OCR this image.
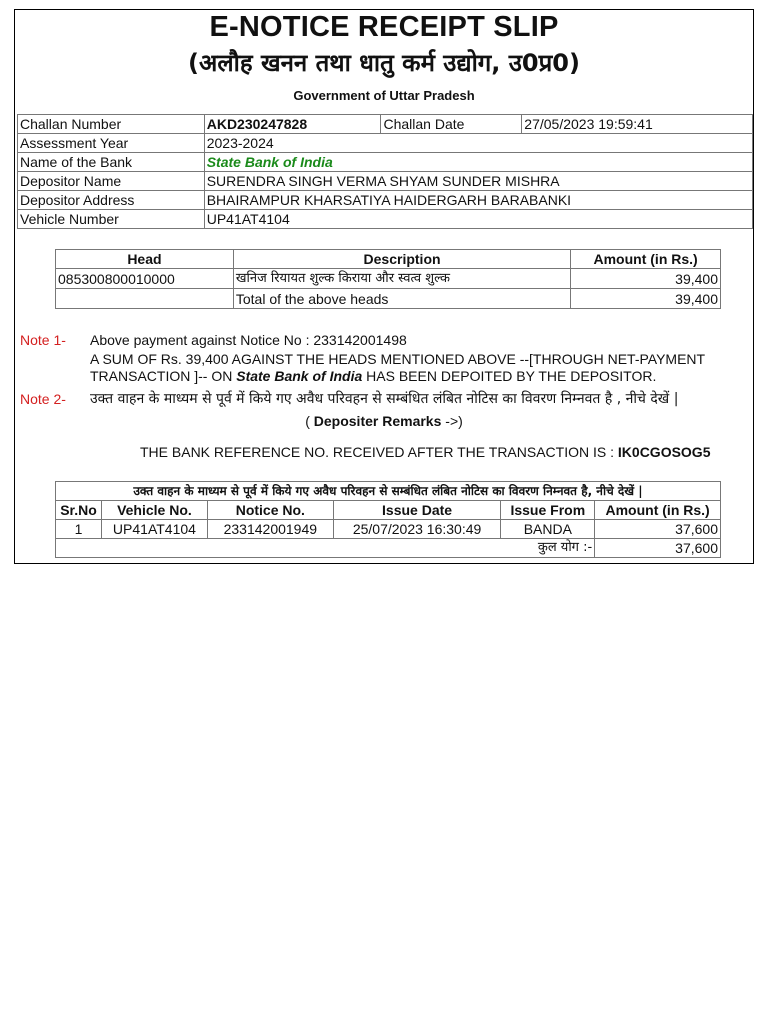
E-NOTICE RECEIPT SLIP
(अलौह खनन तथा धातु कर्म उद्योग, उ0प्र0)
Government of Uttar Pradesh
Challan Number	AKD230247828	Challan Date	27/05/2023 19:59:41
Assessment Year	2023-2024		
Name of the Bank	State Bank of India		
Depositor Name	SURENDRA SINGH VERMA SHYAM SUNDER MISHRA		
Depositor Address	BHAIRAMPUR KHARSATIYA HAIDERGARH BARABANKI		
Vehicle Number	UP41AT4104		
Head	Description	Amount (in Rs.)
085300800010000	खनिज रियायत शुल्क किराया और स्वत्व शुल्क	39,400
	Total of the above heads	39,400
Note 1- Above payment against Notice No : 233142001498
A SUM OF Rs. 39,400 AGAINST THE HEADS MENTIONED ABOVE --[THROUGH NET-PAYMENT TRANSACTION ]-- ON State Bank of India HAS BEEN DEPOITED BY THE DEPOSITOR.
Note 2- उक्त वाहन के माध्यम से पूर्व में किये गए अवैध परिवहन से सम्बंधित लंबित नोटिस का विवरण निम्नवत है , नीचे देखें |
( Depositer Remarks ->)
THE BANK REFERENCE NO. RECEIVED AFTER THE TRANSACTION IS : IK0CGOSOG5
उक्त वाहन के माध्यम से पूर्व में किये गए अवैध परिवहन से सम्बंधित लंबित नोटिस का विवरण निम्नवत है, नीचे देखें |					
Sr.No	Vehicle No.	Notice No.	Issue Date	Issue From	Amount (in Rs.)
1	UP41AT4104	233142001949	25/07/2023 16:30:49	BANDA	37,600
कुल योग :-					37,600
